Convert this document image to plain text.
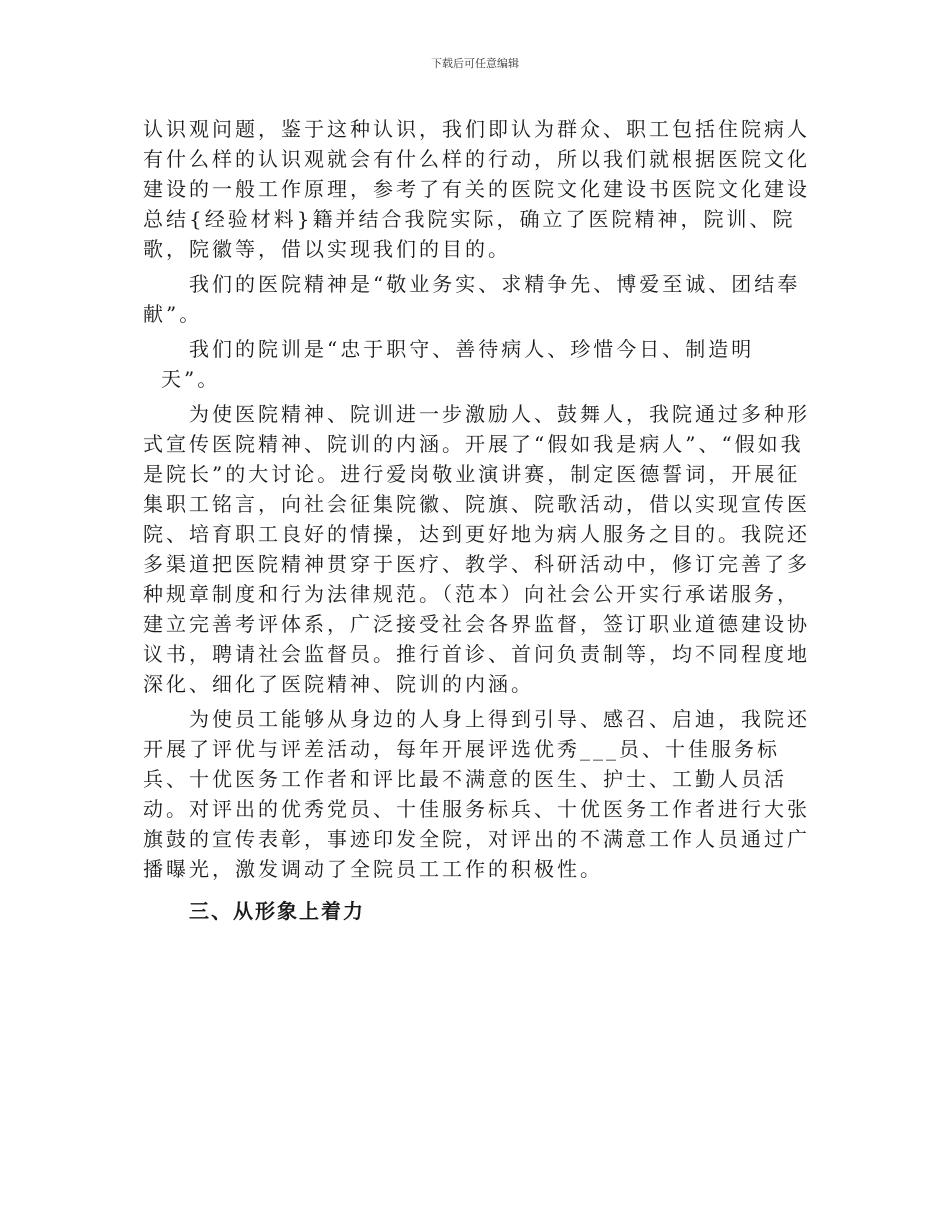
下载后可任意编辑

认识观问题，鉴于这种认识，我们即认为群众、职工包括住院病人有什么样的认识观就会有什么样的行动，所以我们就根据医院文化建设的一般工作原理，参考了有关的医院文化建设书医院文化建设总结{经验材料}籍并结合我院实际，确立了医院精神，院训、院歌，院徽等，借以实现我们的目的。

我们的医院精神是“敬业务实、求精争先、博爱至诚、团结奉献”。

我们的院训是“忠于职守、善待病人、珍惜今日、制造明

天”。

为使医院精神、院训进一步激励人、鼓舞人，我院通过多种形式宣传医院精神、院训的内涵。开展了“假如我是病人”、“假如我是院长”的大讨论。进行爱岗敬业演讲赛，制定医德誓词，开展征集职工铭言，向社会征集院徽、院旗、院歌活动，借以实现宣传医院、培育职工良好的情操，达到更好地为病人服务之目的。我院还多渠道把医院精神贯穿于医疗、教学、科研活动中，修订完善了多种规章制度和行为法律规范。（范本）向社会公开实行承诺服务，建立完善考评体系，广泛接受社会各界监督，签订职业道德建设协议书，聘请社会监督员。推行首诊、首问负责制等，均不同程度地深化、细化了医院精神、院训的内涵。

为使员工能够从身边的人身上得到引导、感召、启迪，我院还开展了评优与评差活动，每年开展评选优秀___员、十佳服务标兵、十优医务工作者和评比最不满意的医生、护士、工勤人员活动。对评出的优秀党员、十佳服务标兵、十优医务工作者进行大张旗鼓的宣传表彰，事迹印发全院，对评出的不满意工作人员通过广播曝光，激发调动了全院员工工作的积极性。

三、从形象上着力
